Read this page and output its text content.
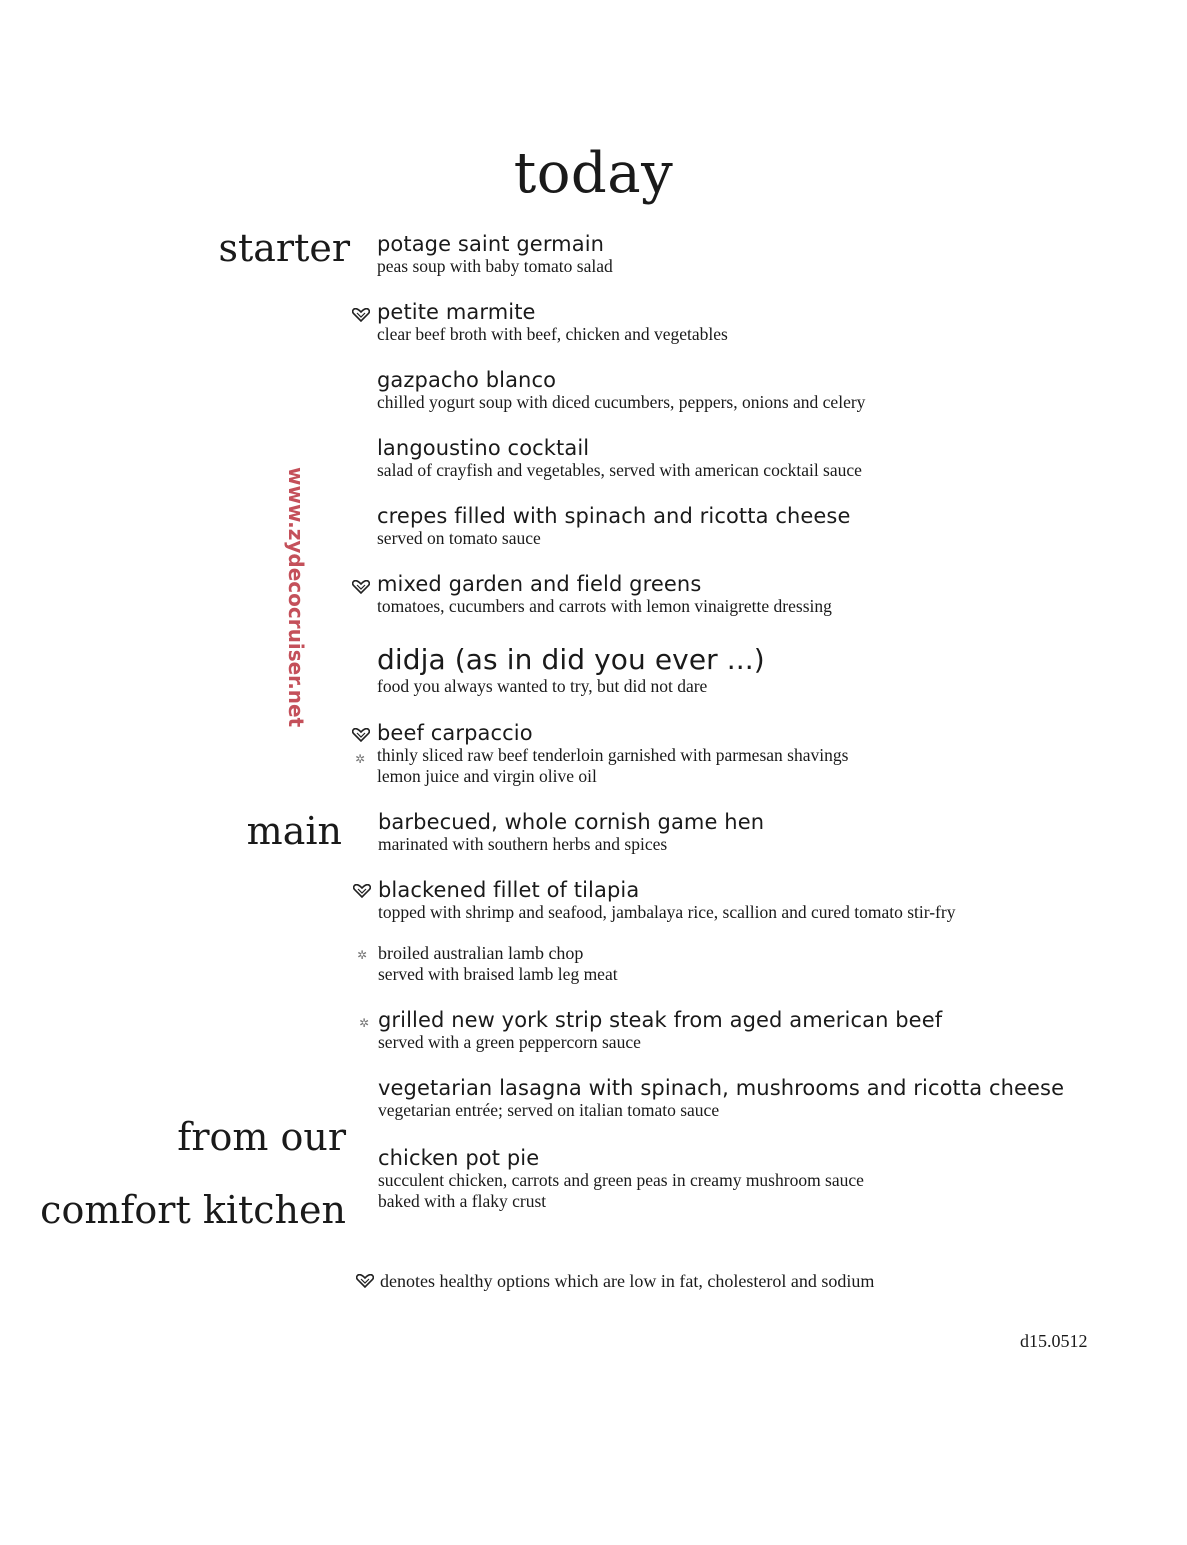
today
www.zydecocruiser.net
starter
main
from our
comfort kitchen
potage saint germain
peas soup with baby tomato salad
petite marmite
clear beef broth with beef, chicken and vegetables
gazpacho blanco
chilled yogurt soup with diced cucumbers, peppers, onions and celery
langoustino cocktail
salad of crayfish and vegetables, served with american cocktail sauce
crepes filled with spinach and ricotta cheese
served on tomato sauce
mixed garden and field greens
tomatoes, cucumbers and carrots with lemon vinaigrette dressing
didja (as in did you ever ...)
food you always wanted to try, but did not dare
✲
beef carpaccio
thinly sliced raw beef tenderloin garnished with parmesan shavings
lemon juice and virgin olive oil
barbecued, whole cornish game hen
marinated with southern herbs and spices
blackened fillet of tilapia
topped with shrimp and seafood, jambalaya rice, scallion and cured tomato stir-fry
✲ broiled australian lamb chop
served with braised lamb leg meat
✲ grilled new york strip steak from aged american beef
served with a green peppercorn sauce
vegetarian lasagna with spinach, mushrooms and ricotta cheese
vegetarian entrée; served on italian tomato sauce
chicken pot pie
succulent chicken, carrots and green peas in creamy mushroom sauce
baked with a flaky crust
denotes healthy options which are low in fat, cholesterol and sodium
d15.0512
